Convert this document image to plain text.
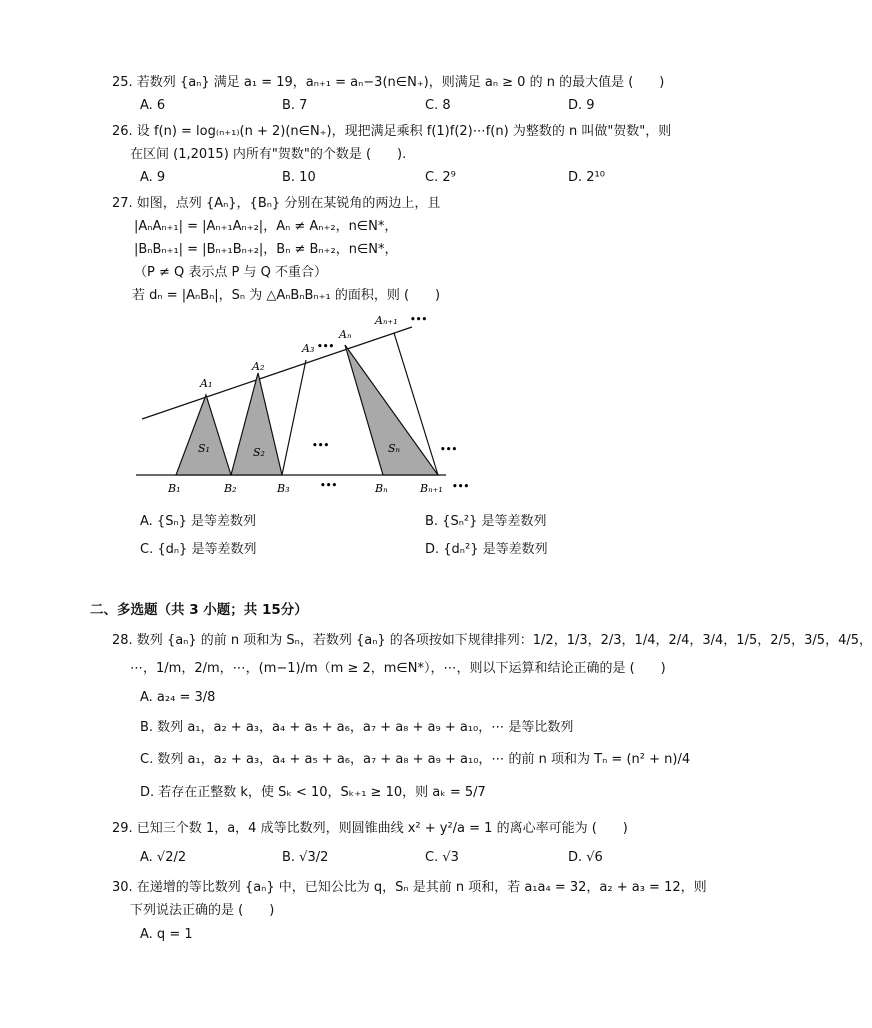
25. 若数列 {aₙ} 满足 a₁ = 19，aₙ₊₁ = aₙ−3(n∈N₊)，则满足 aₙ ≥ 0 的 n 的最大值是 (　　)
A. 6	B. 7	C. 8	D. 9
26. 设 f(n) = log₍ₙ₊₁₎(n + 2)(n∈N₊)，现把满足乘积 f(1)f(2)⋯f(n) 为整数的 n 叫做"贺数"，则
在区间 (1,2015) 内所有"贺数"的个数是 (　　).
A. 9	B. 10	C. 2⁹	D. 2¹⁰
27. 如图，点列 {Aₙ}，{Bₙ} 分别在某锐角的两边上，且
|AₙAₙ₊₁| = |Aₙ₊₁Aₙ₊₂|，Aₙ ≠ Aₙ₊₂，n∈N*，
|BₙBₙ₊₁| = |Bₙ₊₁Bₙ₊₂|，Bₙ ≠ Bₙ₊₂，n∈N*，
（P ≠ Q 表示点 P 与 Q 不重合）
若 dₙ = |AₙBₙ|，Sₙ 为 △AₙBₙBₙ₊₁ 的面积，则 (　　)
A₁
A₂
A₃ •••
Aₙ
Aₙ₊₁ •••
S₁	S₂	Sₙ
•••	•••
B₁	B₂	B₃	•••	Bₙ	Bₙ₊₁ •••
A. {Sₙ} 是等差数列	B. {Sₙ²} 是等差数列
C. {dₙ} 是等差数列	D. {dₙ²} 是等差数列
二、多选题（共 3 小题；共 15分）
28. 数列 {aₙ} 的前 n 项和为 Sₙ，若数列 {aₙ} 的各项按如下规律排列：1/2，1/3，2/3，1/4，2/4，3/4，1/5，2/5，3/5，4/5，
⋯，1/m，2/m，⋯，(m−1)/m（m ≥ 2，m∈N*），⋯，则以下运算和结论正确的是 (　　)
A. a₂₄ = 3/8
B. 数列 a₁，a₂ + a₃，a₄ + a₅ + a₆，a₇ + a₈ + a₉ + a₁₀，⋯ 是等比数列
C. 数列 a₁，a₂ + a₃，a₄ + a₅ + a₆，a₇ + a₈ + a₉ + a₁₀，⋯ 的前 n 项和为 Tₙ = (n² + n)/4
D. 若存在正整数 k，使 Sₖ < 10，Sₖ₊₁ ≥ 10，则 aₖ = 5/7
29. 已知三个数 1，a，4 成等比数列，则圆锥曲线 x² + y²/a = 1 的离心率可能为 (　　)
A. √2/2	B. √3/2	C. √3	D. √6
30. 在递增的等比数列 {aₙ} 中，已知公比为 q，Sₙ 是其前 n 项和，若 a₁a₄ = 32，a₂ + a₃ = 12，则
下列说法正确的是 (　　)
A. q = 1
